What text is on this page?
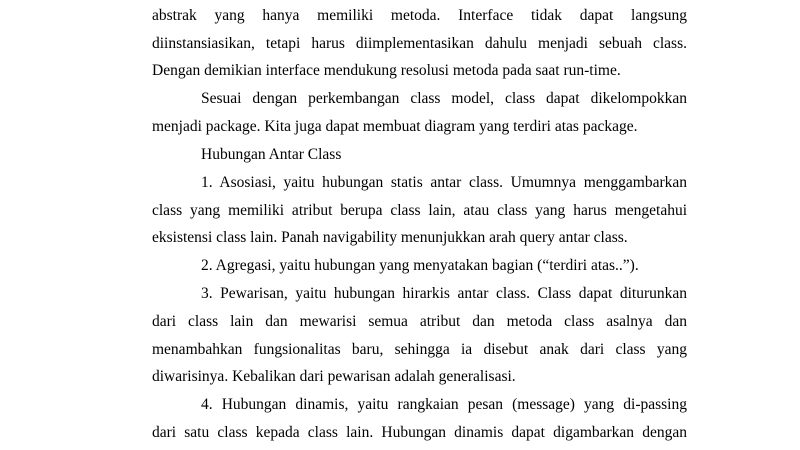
abstrak yang hanya memiliki metoda. Interface tidak dapat langsung
diinstansiasikan, tetapi harus diimplementasikan dahulu menjadi sebuah class.
Dengan demikian interface mendukung resolusi metoda pada saat run-time.
Sesuai dengan perkembangan class model, class dapat dikelompokkan
menjadi package. Kita juga dapat membuat diagram yang terdiri atas package.
Hubungan Antar Class
1. Asosiasi, yaitu hubungan statis antar class. Umumnya menggambarkan
class yang memiliki atribut berupa class lain, atau class yang harus mengetahui
eksistensi class lain. Panah navigability menunjukkan arah query antar class.
2. Agregasi, yaitu hubungan yang menyatakan bagian (“terdiri atas..”).
3. Pewarisan, yaitu hubungan hirarkis antar class. Class dapat diturunkan
dari class lain dan mewarisi semua atribut dan metoda class asalnya dan
menambahkan fungsionalitas baru, sehingga ia disebut anak dari class yang
diwarisinya. Kebalikan dari pewarisan adalah generalisasi.
4. Hubungan dinamis, yaitu rangkaian pesan (message) yang di-passing
dari satu class kepada class lain. Hubungan dinamis dapat digambarkan dengan
